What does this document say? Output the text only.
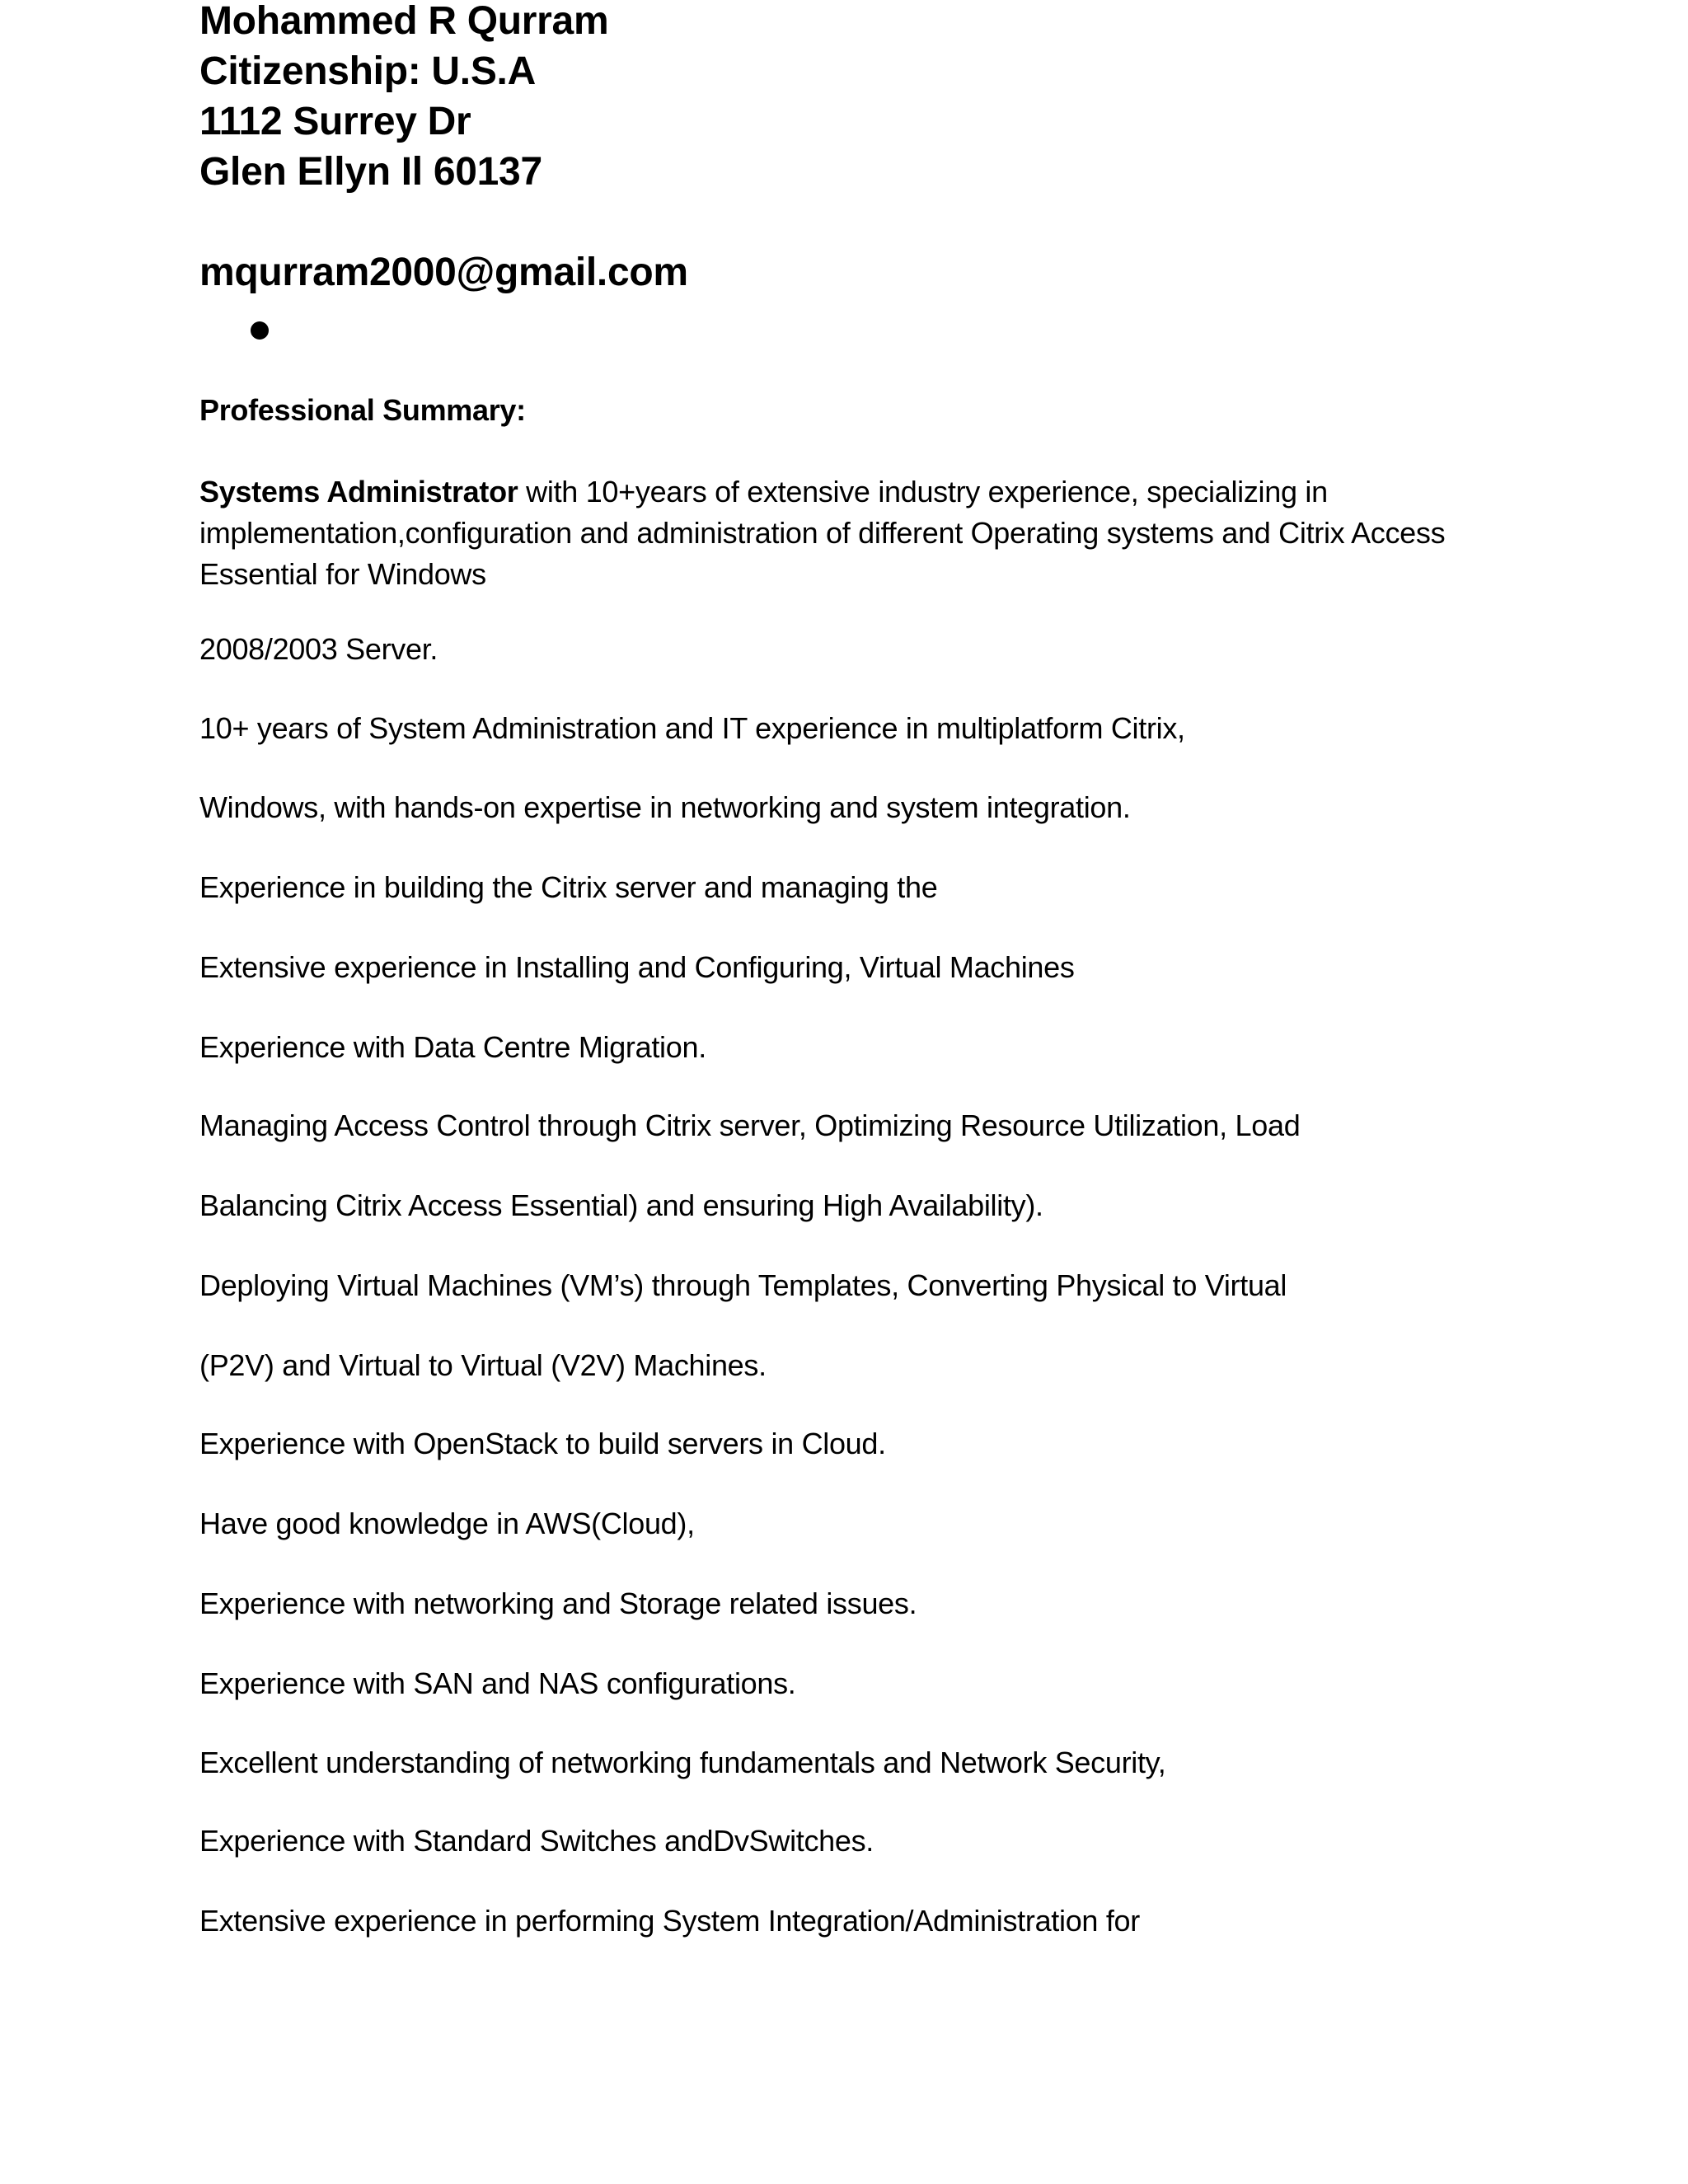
Mohammed R Qurram
Citizenship: U.S.A
1112 Surrey Dr
Glen Ellyn Il 60137
mqurram2000@gmail.com
Professional Summary:
Systems Administrator with 10+years of extensive industry experience, specializing in implementation,configuration and administration of different Operating systems and Citrix Access Essential for Windows
2008/2003 Server.
10+ years of System Administration and IT experience in multiplatform Citrix,
Windows, with hands-on expertise in networking and system integration.
Experience in building the Citrix server and managing the
Extensive experience in Installing and Configuring, Virtual Machines
Experience with Data Centre Migration.
Managing Access Control through Citrix server, Optimizing Resource Utilization, Load
Balancing Citrix Access Essential) and ensuring High Availability).
Deploying Virtual Machines (VM’s) through Templates, Converting Physical to Virtual
(P2V) and Virtual to Virtual (V2V) Machines.
Experience with OpenStack to build servers in Cloud.
Have good knowledge in AWS(Cloud),
Experience with networking and Storage related issues.
Experience with SAN and NAS configurations.
Excellent understanding of networking fundamentals and Network Security,
Experience with Standard Switches andDvSwitches.
Extensive experience in performing System Integration/Administration for
